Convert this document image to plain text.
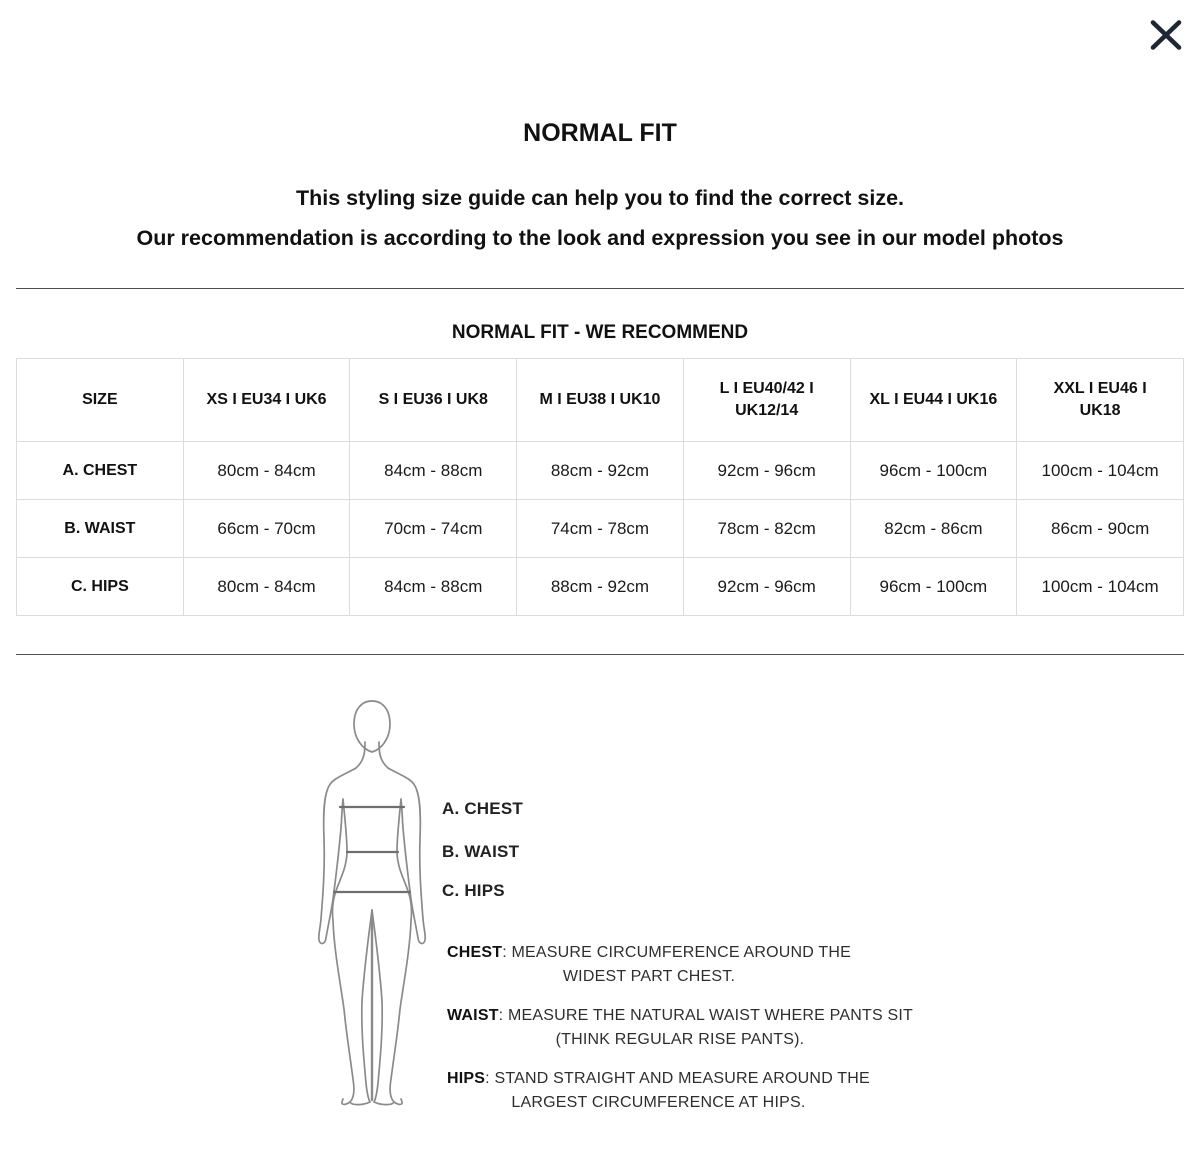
NORMAL FIT
This styling size guide can help you to find the correct size.
Our recommendation is according to the look and expression you see in our model photos
NORMAL FIT - WE RECOMMEND
SIZE	XS I EU34 I UK6	S I EU36 I UK8	M I EU38 I UK10	L I EU40/42 I UK12/14	XL I EU44 I UK16	XXL I EU46 I UK18
A. CHEST	80cm - 84cm	84cm - 88cm	88cm - 92cm	92cm - 96cm	96cm - 100cm	100cm - 104cm
B. WAIST	66cm - 70cm	70cm - 74cm	74cm - 78cm	78cm - 82cm	82cm - 86cm	86cm - 90cm
C. HIPS	80cm - 84cm	84cm - 88cm	88cm - 92cm	92cm - 96cm	96cm - 100cm	100cm - 104cm
A. CHEST
B. WAIST
C. HIPS
CHEST: MEASURE CIRCUMFERENCE AROUND THE
WIDEST PART CHEST.
WAIST: MEASURE THE NATURAL WAIST WHERE PANTS SIT
(THINK REGULAR RISE PANTS).
HIPS: STAND STRAIGHT AND MEASURE AROUND THE
LARGEST CIRCUMFERENCE AT HIPS.
